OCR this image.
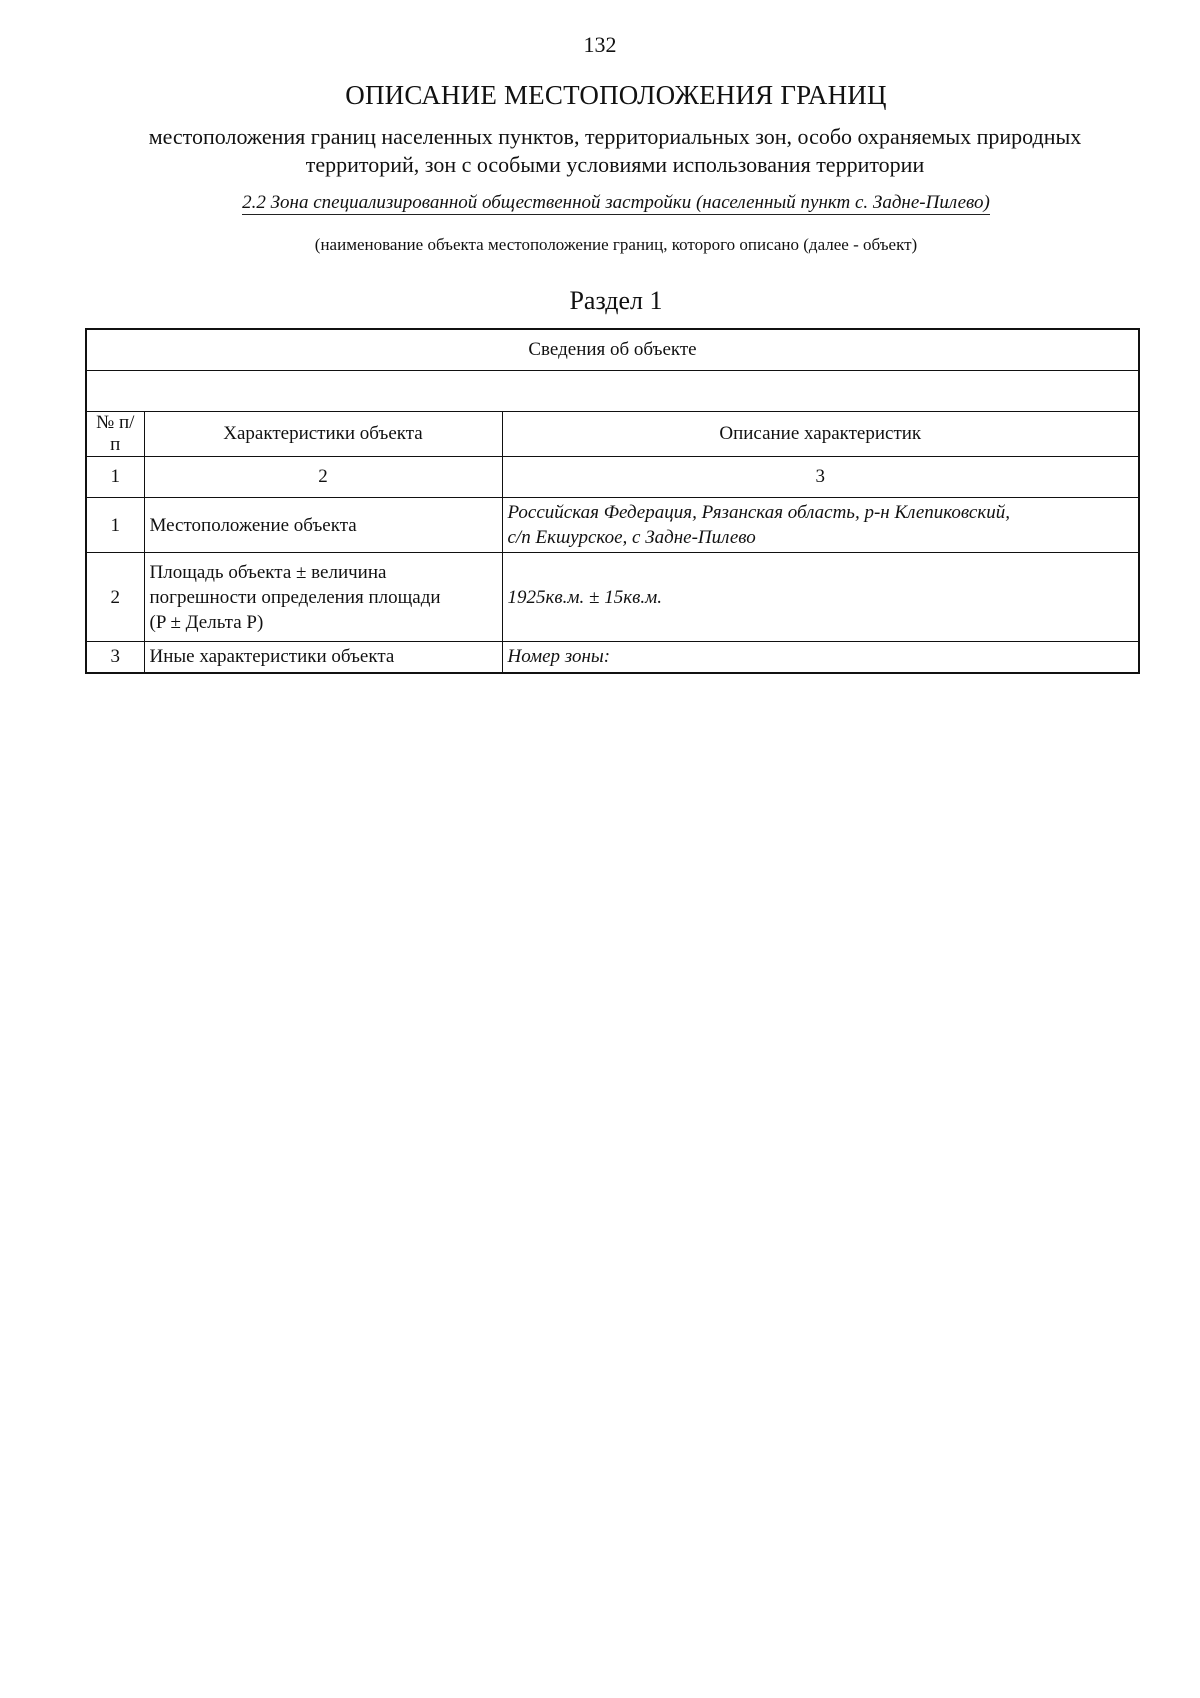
132
ОПИСАНИЕ МЕСТОПОЛОЖЕНИЯ ГРАНИЦ
местоположения границ населенных пунктов, территориальных зон, особо охраняемых природных территорий, зон с особыми условиями использования территории
2.2 Зона специализированной общественной застройки (населенный пункт с. Задне-Пилево)
(наименование объекта местоположение границ, которого описано (далее - объект)
Раздел 1
Сведения об объекте		

№ п/п	Характеристики объекта	Описание характеристик
1	2	3
1	Местоположение объекта	Российская Федерация, Рязанская область, р-н Клепиковский,
с/п Екшурское, с Задне-Пилево

2	Площадь объекта ± величина
погрешности определения площади
(P ± Дельта P)	1925кв.м. ± 15кв.м.
3	Иные характеристики объекта	Номер зоны:
